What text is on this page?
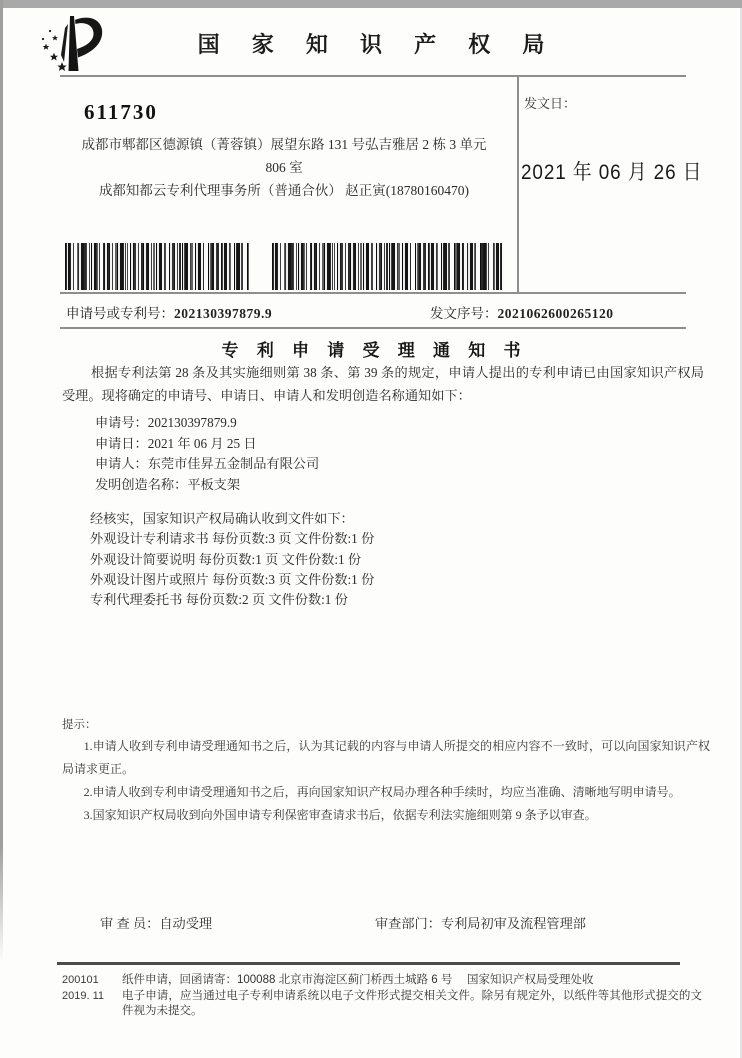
国 家 知 识 产 权 局
611730
成都市郫都区德源镇（菁蓉镇）展望东路 131 号弘吉雅居 2 栋 3 单元
806 室
成都知都云专利代理事务所（普通合伙） 赵正寅(18780160470)
发文日：
2021 年 06 月 26 日
申请号或专利号：202130397879.9	发文序号：2021062600265120
专 利 申 请 受 理 通 知 书
根据专利法第 28 条及其实施细则第 38 条、第 39 条的规定，申请人提出的专利申请已由国家知识产权局受理。现将确定的申请号、申请日、申请人和发明创造名称通知如下：
申请号：202130397879.9
申请日：2021 年 06 月 25 日
申请人：东莞市佳昇五金制品有限公司
发明创造名称：平板支架
经核实，国家知识产权局确认收到文件如下：
外观设计专利请求书 每份页数:3 页 文件份数:1 份
外观设计简要说明 每份页数:1 页 文件份数:1 份
外观设计图片或照片 每份页数:3 页 文件份数:1 份
专利代理委托书 每份页数:2 页 文件份数:1 份
提示：
1.申请人收到专利申请受理通知书之后，认为其记载的内容与申请人所提交的相应内容不一致时，可以向国家知识产权局请求更正。
2.申请人收到专利申请受理通知书之后，再向国家知识产权局办理各种手续时，均应当准确、清晰地写明申请号。
3.国家知识产权局收到向外国申请专利保密审查请求书后，依据专利法实施细则第 9 条予以审查。
审 查 员：自动受理	审查部门：专利局初审及流程管理部
200101
2019. 11
纸件申请，回函请寄：100088 北京市海淀区蓟门桥西土城路 6 号　 国家知识产权局受理处收
电子申请，应当通过电子专利申请系统以电子文件形式提交相关文件。除另有规定外，以纸件等其他形式提交的文件视为未提交。
